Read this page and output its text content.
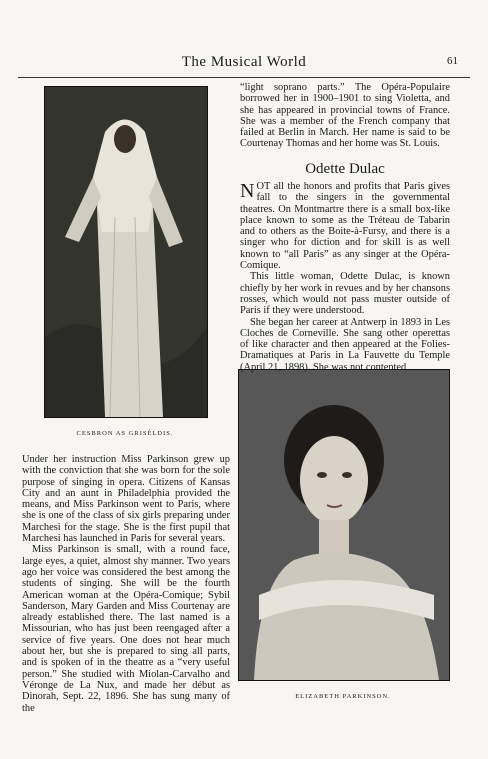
The Musical World	61
CESBRON AS GRISÉLDIS.
ELIZABETH PARKINSON.

“light soprano parts.” The Opéra-Populaire borrowed her in 1900–1901 to sing Violetta, and she has appeared in provincial towns of France. She was a member of the French company that failed at Berlin in March. Her name is said to be Courtenay Thomas and her home was St. Louis.

Odette Dulac

NOT all the honors and profits that Paris gives fall to the singers in the governmental theatres. On Montmartre there is a small box-like place known to some as the Tréteau de Tabarin and to others as the Boite-à-Fursy, and there is a singer who for diction and for skill is as well known to “all Paris” as any singer at the Opéra-Comique.

This little woman, Odette Dulac, is known chiefly by her work in revues and by her chansons rosses, which would not pass muster outside of Paris if they were understood.

She began her career at Antwerp in 1893 in Les Cloches de Corneville. She sang other operettas of like character and then appeared at the Folies-Dramatiques at Paris in La Fauvette du Temple (April 21, 1898). She was not contented

Under her instruction Miss Parkinson grew up with the conviction that she was born for the sole purpose of singing in opera. Citizens of Kansas City and an aunt in Philadelphia provided the means, and Miss Parkinson went to Paris, where she is one of the class of six girls preparing under Marchesi for the stage. She is the first pupil that Marchesi has launched in Paris for several years.

Miss Parkinson is small, with a round face, large eyes, a quiet, almost shy manner. Two years ago her voice was considered the best among the students of singing. She will be the fourth American woman at the Opéra-Comique; Sybil Sanderson, Mary Garden and Miss Courtenay are already established there. The last named is a Missourian, who has just been reengaged after a service of five years. One does not hear much about her, but she is prepared to sing all parts, and is spoken of in the theatre as a “very useful person.” She studied with Miolan-Carvalho and Véronge de La Nux, and made her début as Dinorah, Sept. 22, 1896. She has sung many of the
